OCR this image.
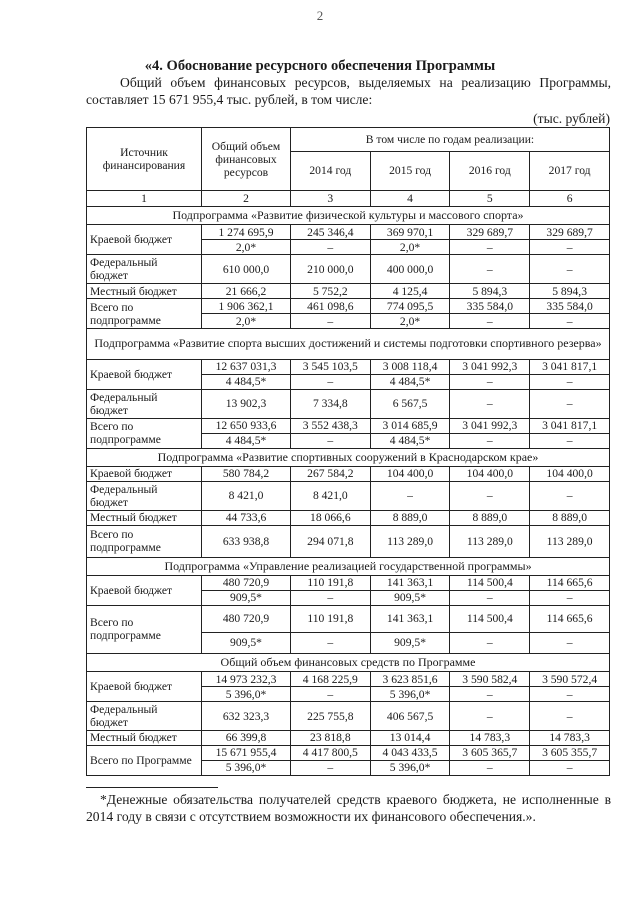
2
«4. Обоснование ресурсного обеспечения Программы

Общий объем финансовых ресурсов, выделяемых на реализацию Программы, составляет 15 671 955,4 тыс. рублей, в том числе:

(тыс. рублей)
Источник финансирования	Общий объем финансовых ресурсов	В том числе по годам реализации:			
		2014 год	2015 год	2016 год	2017 год
1	2	3	4	5	6
Подпрограмма «Развитие физической культуры и массового спорта»					
Краевой бюджет	1 274 695,9	245 346,4	369 970,1	329 689,7	329 689,7
	2,0*	–	2,0*	–	–
Федеральный бюджет	610 000,0	210 000,0	400 000,0	–	–
Местный бюджет	21 666,2	5 752,2	4 125,4	5 894,3	5 894,3
Всего по подпрограмме	1 906 362,1	461 098,6	774 095,5	335 584,0	335 584,0
	2,0*	–	2,0*	–	–
Подпрограмма «Развитие спорта высших достижений и системы подготовки спортивного резерва»					
Краевой бюджет	12 637 031,3	3 545 103,5	3 008 118,4	3 041 992,3	3 041 817,1
	4 484,5*	–	4 484,5*	–	–
Федеральный бюджет	13 902,3	7 334,8	6 567,5	–	–
Всего по подпрограмме	12 650 933,6	3 552 438,3	3 014 685,9	3 041 992,3	3 041 817,1
	4 484,5*	–	4 484,5*	–	–
Подпрограмма «Развитие спортивных сооружений в Краснодарском крае»					
Краевой бюджет	580 784,2	267 584,2	104 400,0	104 400,0	104 400,0
Федеральный бюджет	8 421,0	8 421,0	–	–	–
Местный бюджет	44 733,6	18 066,6	8 889,0	8 889,0	8 889,0
Всего по подпрограмме	633 938,8	294 071,8	113 289,0	113 289,0	113 289,0
Подпрограмма «Управление реализацией государственной программы»					
Краевой бюджет	480 720,9	110 191,8	141 363,1	114 500,4	114 665,6
	909,5*	–	909,5*	–	–
Всего по подпрограмме	480 720,9	110 191,8	141 363,1	114 500,4	114 665,6
	909,5*	–	909,5*	–	–
Общий объем финансовых средств по Программе					
Краевой бюджет	14 973 232,3	4 168 225,9	3 623 851,6	3 590 582,4	3 590 572,4
	5 396,0*	–	5 396,0*	–	–
Федеральный бюджет	632 323,3	225 755,8	406 567,5	–	–
Местный бюджет	66 399,8	23 818,8	13 014,4	14 783,3	14 783,3
Всего по Программе	15 671 955,4	4 417 800,5	4 043 433,5	3 605 365,7	3 605 355,7
	5 396,0*	–	5 396,0*	–	–

*Денежные обязательства получателей средств краевого бюджета, не исполненные в 2014 году в связи с отсутствием возможности их финансового обеспечения.».
